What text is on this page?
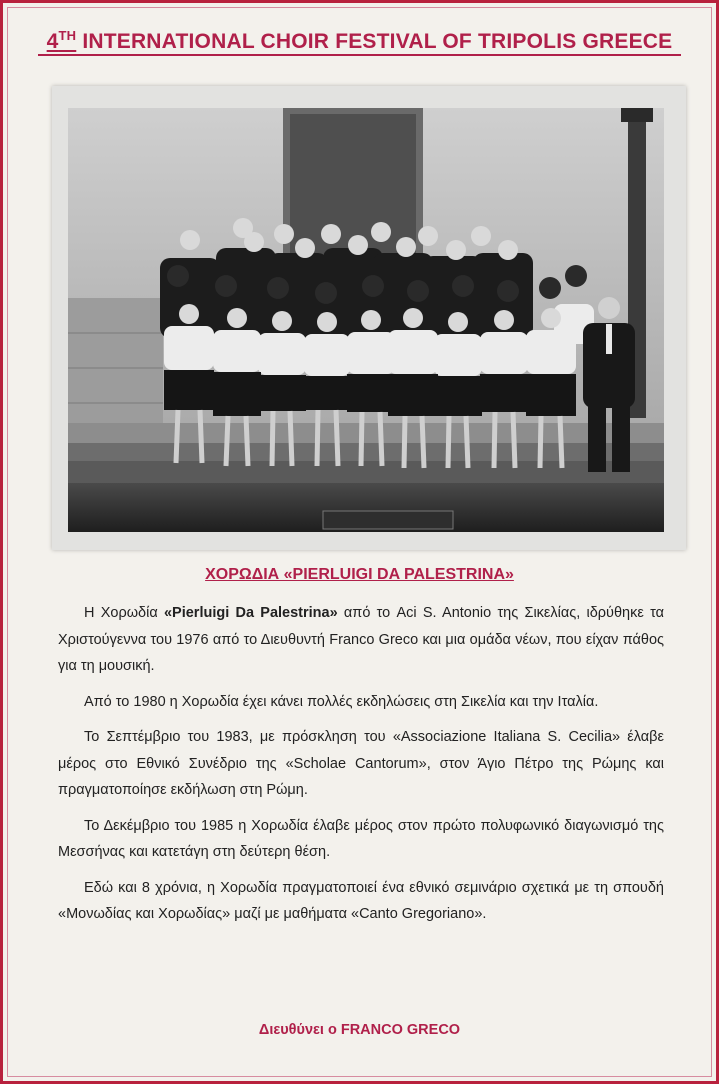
4TH INTERNATIONAL CHOIR FESTIVAL OF TRIPOLIS GREECE
ΧΟΡΩΔΙΑ «PIERLUIGI DA PALESTRINA»

Η Χορωδία «Pierluigi Da Palestrina» από το Aci S. Antonio της Σικελίας, ιδρύθηκε τα Χριστούγεννα του 1976 από το Διευθυντή Franco Greco και μια ομάδα νέων, που είχαν πάθος για τη μουσική.

Από το 1980 η Χορωδία έχει κάνει πολλές εκδηλώσεις στη Σικελία και την Ιταλία.

Το Σεπτέμβριο του 1983, με πρόσκληση του «Associazione Italiana S. Cecilia» έλαβε μέρος στο Εθνικό Συνέδριο της «Scholae Cantorum», στον Άγιο Πέτρο της Ρώμης και πραγματοποίησε εκδήλωση στη Ρώμη.

Το Δεκέμβριο του 1985 η Χορωδία έλαβε μέρος στον πρώτο πολυφωνικό διαγωνισμό της Μεσσήνας και κατετάγη στη δεύτερη θέση.

Εδώ και 8 χρόνια, η Χορωδία πραγματοποιεί ένα εθνικό σεμινάριο σχετικά με τη σπουδή «Μονωδίας και Χορωδίας» μαζί με μαθήματα «Canto Gregoriano».

Διευθύνει ο FRANCO GRECO
